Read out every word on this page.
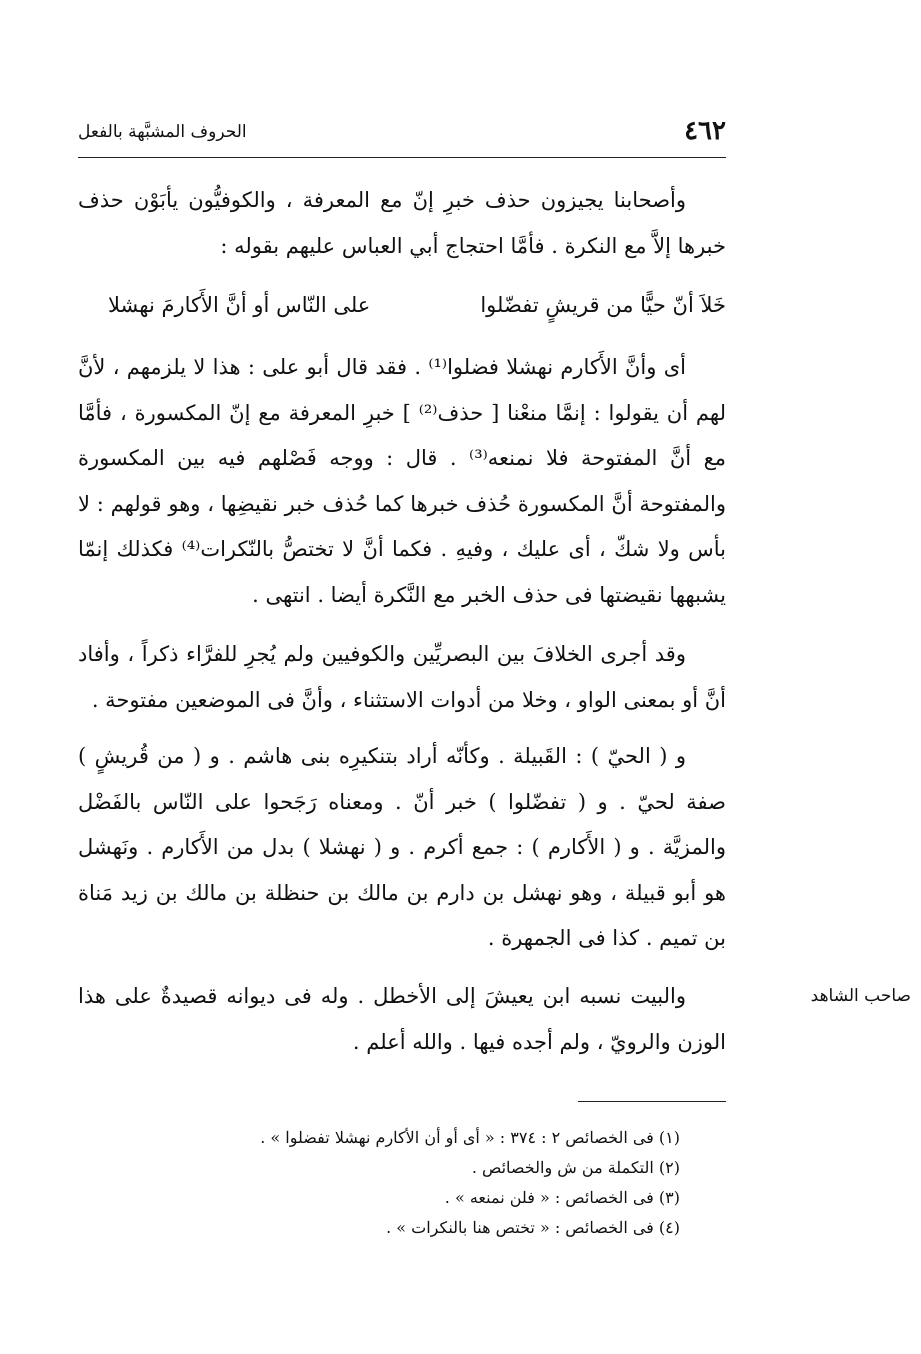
٤٦٢
الحروف المشبَّهة بالفعل

وأصحابنا يجيزون حذف خبرِ إنّ مع المعرفة ، والكوفيُّون يأبَوْن حذف خبرها إلاَّ مع النكرة . فأمَّا احتجاج أبي العباس عليهم بقوله :

خَلاَ أنّ حيًّا من قريشٍ تفضّلوا
على النّاس أو أنَّ الأَكارمَ نهشلا

أى وأنَّ الأَكارم نهشلا فضلوا⁽¹⁾ . فقد قال أبو على : هذا لا يلزمهم ، لأنَّ لهم أن يقولوا : إنمَّا منعْنا [ حذف⁽²⁾ ] خبرِ المعرفة مع إنّ المكسورة ، فأمَّا مع أنَّ المفتوحة فلا نمنعه⁽³⁾ . قال : ووجه فَصْلهم فيه بين المكسورة والمفتوحة أنَّ المكسورة حُذف خبرها كما حُذف خبر نقيضِها ، وهو قولهم : لا بأس ولا شكّ ، أى عليك ، وفيهِ . فكما أنَّ لا تختصُّ بالنّكرات⁽⁴⁾ فكذلك إنمّا يشبهها نقيضتها فى حذف الخبر مع النَّكرة أيضا . انتهى .

وقد أجرى الخلافَ بين البصريِّين والكوفيين ولم يُجرِ للفرَّاء ذكراً ، وأفاد أنَّ أو بمعنى الواو ، وخلا من أدوات الاستثناء ، وأنَّ فى الموضعين مفتوحة .

و ( الحيّ ) : القَبيلة . وكأنّه أراد بتنكيرِه بنى هاشم . و ( من قُريشٍ ) صفة لحيّ . و ( تفضّلوا ) خبر أنّ . ومعناه رَجَحوا على النّاس بالفَضْل والمزيَّة . و ( الأَكارم ) : جمع أكرم . و ( نهشلا ) بدل من الأَكارم . ونَهشل هو أبو قبيلة ، وهو نهشل بن دارم بن مالك بن حنظلة بن مالك بن زيد مَناة بن تميم . كذا فى الجمهرة .

والبيت نسبه ابن يعيشَ إلى الأخطل . وله فى ديوانه قصيدةٌ على هذا الوزن والرويّ ، ولم أجده فيها . والله أعلم .

صاحب الشاهد
(١) فى الخصائص ٢ : ٣٧٤ : « أى أو أن الأكارم نهشلا تفضلوا » .
(٢) التكملة من ش والخصائص .
(٣) فى الخصائص : « فلن نمنعه » .
(٤) فى الخصائص : « تختص هنا بالنكرات » .
